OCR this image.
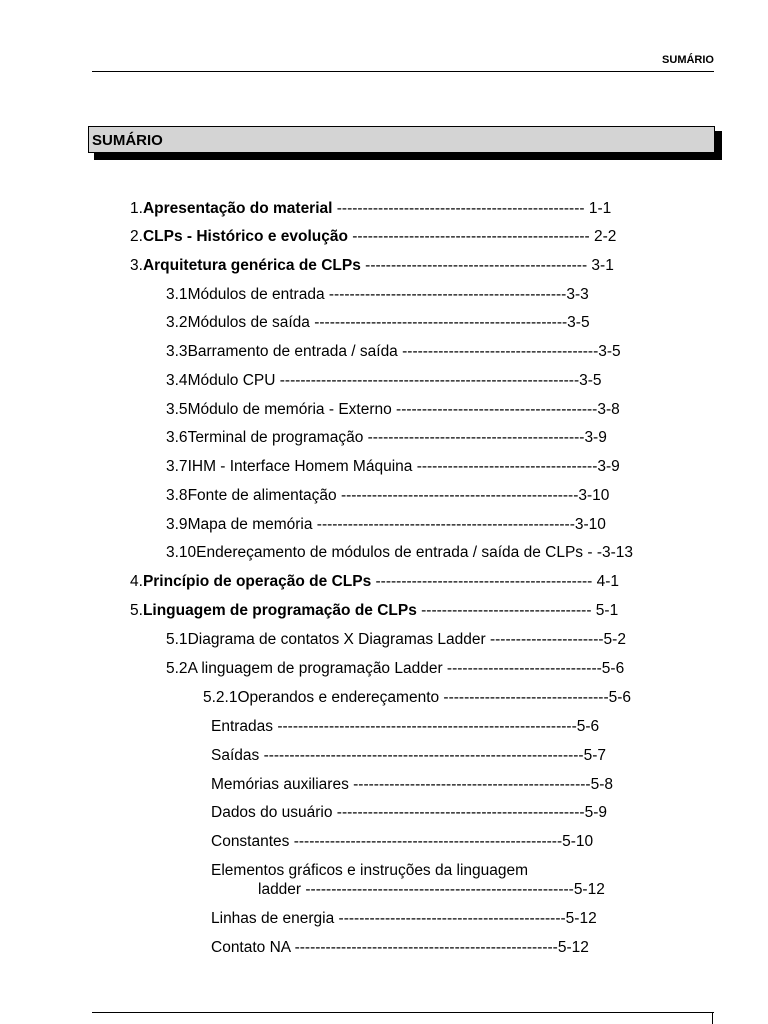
SUMÁRIO
SUMÁRIO
1.Apresentação do material ------------------------------------------------ 1-1
2.CLPs - Histórico e evolução ---------------------------------------------- 2-2
3.Arquitetura genérica de CLPs ------------------------------------------- 3-1
3.1Módulos de entrada ----------------------------------------------3-3
3.2Módulos de saída -------------------------------------------------3-5
3.3Barramento de entrada / saída --------------------------------------3-5
3.4Módulo CPU ----------------------------------------------------------3-5
3.5Módulo de memória - Externo ---------------------------------------3-8
3.6Terminal de programação ------------------------------------------3-9
3.7IHM - Interface Homem Máquina -----------------------------------3-9
3.8Fonte de alimentação ----------------------------------------------3-10
3.9Mapa de memória --------------------------------------------------3-10
3.10Endereçamento de módulos de entrada / saída de CLPs - -3-13
4.Princípio de operação de CLPs ------------------------------------------ 4-1
5.Linguagem de programação de CLPs --------------------------------- 5-1
5.1Diagrama de contatos X Diagramas Ladder ----------------------5-2
5.2A linguagem de programação Ladder ------------------------------5-6
5.2.1Operandos e endereçamento --------------------------------5-6
Entradas ----------------------------------------------------------5-6
Saídas --------------------------------------------------------------5-7
Memórias auxiliares ----------------------------------------------5-8
Dados do usuário ------------------------------------------------5-9
Constantes ----------------------------------------------------5-10
Elementos gráficos e instruções da linguagem
ladder ----------------------------------------------------5-12
Linhas de energia --------------------------------------------5-12
Contato NA ---------------------------------------------------5-12
